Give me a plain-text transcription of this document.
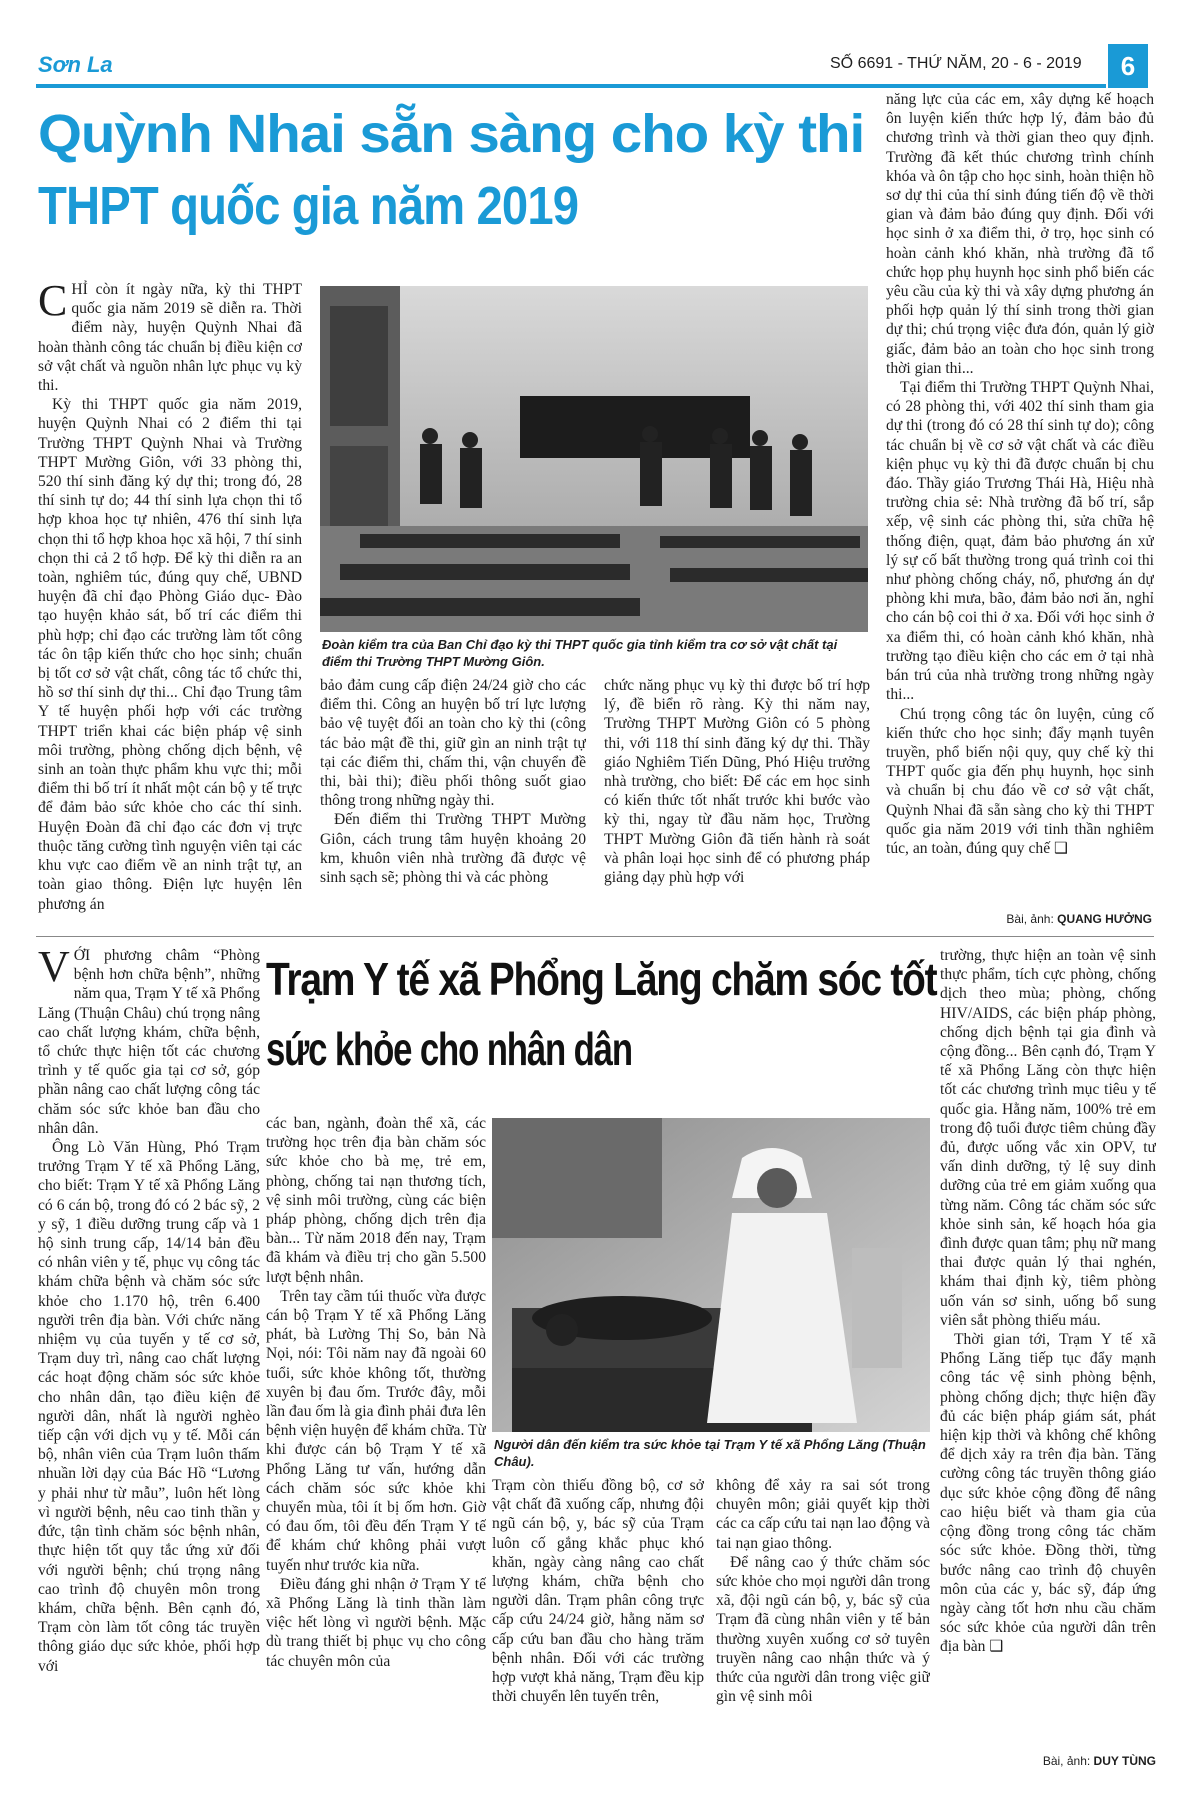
Sơn La	SỐ 6691 - THỨ NĂM, 20 - 6 - 2019	6
Quỳnh Nhai sẵn sàng cho kỳ thi
THPT quốc gia năm 2019

CHỈ còn ít ngày nữa, kỳ thi THPT quốc gia năm 2019 sẽ diễn ra. Thời điểm này, huyện Quỳnh Nhai đã hoàn thành công tác chuẩn bị điều kiện cơ sở vật chất và nguồn nhân lực phục vụ kỳ thi.

Kỳ thi THPT quốc gia năm 2019, huyện Quỳnh Nhai có 2 điểm thi tại Trường THPT Quỳnh Nhai và Trường THPT Mường Giôn, với 33 phòng thi, 520 thí sinh đăng ký dự thi; trong đó, 28 thí sinh tự do; 44 thí sinh lựa chọn thi tổ hợp khoa học tự nhiên, 476 thí sinh lựa chọn thi tổ hợp khoa học xã hội, 7 thí sinh chọn thi cả 2 tổ hợp. Để kỳ thi diễn ra an toàn, nghiêm túc, đúng quy chế, UBND huyện đã chỉ đạo Phòng Giáo dục- Đào tạo huyện khảo sát, bố trí các điểm thi phù hợp; chỉ đạo các trường làm tốt công tác ôn tập kiến thức cho học sinh; chuẩn bị tốt cơ sở vật chất, công tác tổ chức thi, hồ sơ thí sinh dự thi... Chỉ đạo Trung tâm Y tế huyện phối hợp với các trường THPT triển khai các biện pháp vệ sinh môi trường, phòng chống dịch bệnh, vệ sinh an toàn thực phẩm khu vực thi; mỗi điểm thi bố trí ít nhất một cán bộ y tế trực để đảm bảo sức khỏe cho các thí sinh. Huyện Đoàn đã chỉ đạo các đơn vị trực thuộc tăng cường tình nguyện viên tại các khu vực cao điểm về an ninh trật tự, an toàn giao thông. Điện lực huyện lên phương án

Đoàn kiểm tra của Ban Chỉ đạo kỳ thi THPT quốc gia tỉnh kiểm tra cơ sở vật chất tại điểm thi Trường THPT Mường Giôn.

bảo đảm cung cấp điện 24/24 giờ cho các điểm thi. Công an huyện bố trí lực lượng bảo vệ tuyệt đối an toàn cho kỳ thi (công tác bảo mật đề thi, giữ gìn an ninh trật tự tại các điểm thi, chấm thi, vận chuyển đề thi, bài thi); điều phối thông suốt giao thông trong những ngày thi.

Đến điểm thi Trường THPT Mường Giôn, cách trung tâm huyện khoảng 20 km, khuôn viên nhà trường đã được vệ sinh sạch sẽ; phòng thi và các phòng

chức năng phục vụ kỳ thi được bố trí hợp lý, đề biển rõ ràng. Kỳ thi năm nay, Trường THPT Mường Giôn có 5 phòng thi, với 118 thí sinh đăng ký dự thi. Thầy giáo Nghiêm Tiến Dũng, Phó Hiệu trưởng nhà trường, cho biết: Để các em học sinh có kiến thức tốt nhất trước khi bước vào kỳ thi, ngay từ đầu năm học, Trường THPT Mường Giôn đã tiến hành rà soát và phân loại học sinh để có phương pháp giảng dạy phù hợp với

năng lực của các em, xây dựng kế hoạch ôn luyện kiến thức hợp lý, đảm bảo đủ chương trình và thời gian theo quy định. Trường đã kết thúc chương trình chính khóa và ôn tập cho học sinh, hoàn thiện hồ sơ dự thi của thí sinh đúng tiến độ về thời gian và đảm bảo đúng quy định. Đối với học sinh ở xa điểm thi, ở trọ, học sinh có hoàn cảnh khó khăn, nhà trường đã tổ chức họp phụ huynh học sinh phổ biến các yêu cầu của kỳ thi và xây dựng phương án phối hợp quản lý thí sinh trong thời gian dự thi; chú trọng việc đưa đón, quản lý giờ giấc, đảm bảo an toàn cho học sinh trong thời gian thi...

Tại điểm thi Trường THPT Quỳnh Nhai, có 28 phòng thi, với 402 thí sinh tham gia dự thi (trong đó có 28 thí sinh tự do); công tác chuẩn bị về cơ sở vật chất và các điều kiện phục vụ kỳ thi đã được chuẩn bị chu đáo. Thầy giáo Trương Thái Hà, Hiệu nhà trường chia sẻ: Nhà trường đã bố trí, sắp xếp, vệ sinh các phòng thi, sửa chữa hệ thống điện, quạt, đảm bảo phương án xử lý sự cố bất thường trong quá trình coi thi như phòng chống cháy, nổ, phương án dự phòng khi mưa, bão, đảm bảo nơi ăn, nghỉ cho cán bộ coi thi ở xa. Đối với học sinh ở xa điểm thi, có hoàn cảnh khó khăn, nhà trường tạo điều kiện cho các em ở tại nhà bán trú của nhà trường trong những ngày thi...

Chú trọng công tác ôn luyện, củng cố kiến thức cho học sinh; đẩy mạnh tuyên truyền, phổ biến nội quy, quy chế kỳ thi THPT quốc gia đến phụ huynh, học sinh và chuẩn bị chu đáo về cơ sở vật chất, Quỳnh Nhai đã sẵn sàng cho kỳ thi THPT quốc gia năm 2019 với tinh thần nghiêm túc, an toàn, đúng quy chế ❑

Bài, ảnh: QUANG HƯỞNG

VỚI phương châm “Phòng bệnh hơn chữa bệnh”, những năm qua, Trạm Y tế xã Phổng Lăng (Thuận Châu) chú trọng nâng cao chất lượng khám, chữa bệnh, tổ chức thực hiện tốt các chương trình y tế quốc gia tại cơ sở, góp phần nâng cao chất lượng công tác chăm sóc sức khỏe ban đầu cho nhân dân.

Ông Lò Văn Hùng, Phó Trạm trưởng Trạm Y tế xã Phổng Lăng, cho biết: Trạm Y tế xã Phổng Lăng có 6 cán bộ, trong đó có 2 bác sỹ, 2 y sỹ, 1 điều dưỡng trung cấp và 1 hộ sinh trung cấp, 14/14 bản đều có nhân viên y tế, phục vụ công tác khám chữa bệnh và chăm sóc sức khỏe cho 1.170 hộ, trên 6.400 người trên địa bàn. Với chức năng nhiệm vụ của tuyến y tế cơ sở, Trạm duy trì, nâng cao chất lượng các hoạt động chăm sóc sức khỏe cho nhân dân, tạo điều kiện để người dân, nhất là người nghèo tiếp cận với dịch vụ y tế. Mỗi cán bộ, nhân viên của Trạm luôn thấm nhuần lời dạy của Bác Hồ “Lương y phải như từ mẫu”, luôn hết lòng vì người bệnh, nêu cao tinh thần y đức, tận tình chăm sóc bệnh nhân, thực hiện tốt quy tắc ứng xử đối với người bệnh; chú trọng nâng cao trình độ chuyên môn trong khám, chữa bệnh. Bên cạnh đó, Trạm còn làm tốt công tác truyền thông giáo dục sức khỏe, phối hợp với

Trạm Y tế xã Phổng Lăng chăm sóc tốt
sức khỏe cho nhân dân

các ban, ngành, đoàn thể xã, các trường học trên địa bàn chăm sóc sức khỏe cho bà mẹ, trẻ em, phòng, chống tai nạn thương tích, vệ sinh môi trường, cùng các biện pháp phòng, chống dịch trên địa bàn... Từ năm 2018 đến nay, Trạm đã khám và điều trị cho gần 5.500 lượt bệnh nhân.

Trên tay cầm túi thuốc vừa được cán bộ Trạm Y tế xã Phổng Lăng phát, bà Lường Thị So, bản Nà Nọi, nói: Tôi năm nay đã ngoài 60 tuổi, sức khỏe không tốt, thường xuyên bị đau ốm. Trước đây, mỗi lần đau ốm là gia đình phải đưa lên bệnh viện huyện để khám chữa. Từ khi được cán bộ Trạm Y tế xã Phổng Lăng tư vấn, hướng dẫn cách chăm sóc sức khỏe khi chuyển mùa, tôi ít bị ốm hơn. Giờ có đau ốm, tôi đều đến Trạm Y tế để khám chứ không phải vượt tuyến như trước kia nữa.

Điều đáng ghi nhận ở Trạm Y tế xã Phổng Lăng là tinh thần làm việc hết lòng vì người bệnh. Mặc dù trang thiết bị phục vụ cho công tác chuyên môn của

Người dân đến kiểm tra sức khỏe tại Trạm Y tế xã Phổng Lăng (Thuận Châu).

Trạm còn thiếu đồng bộ, cơ sở vật chất đã xuống cấp, nhưng đội ngũ cán bộ, y, bác sỹ của Trạm luôn cố gắng khắc phục khó khăn, ngày càng nâng cao chất lượng khám, chữa bệnh cho người dân. Trạm phân công trực cấp cứu 24/24 giờ, hằng năm sơ cấp cứu ban đầu cho hàng trăm bệnh nhân. Đối với các trường hợp vượt khả năng, Trạm đều kịp thời chuyển lên tuyến trên,

không để xảy ra sai sót trong chuyên môn; giải quyết kịp thời các ca cấp cứu tai nạn lao động và tai nạn giao thông.

Để nâng cao ý thức chăm sóc sức khỏe cho mọi người dân trong xã, đội ngũ cán bộ, y, bác sỹ của Trạm đã cùng nhân viên y tế bản thường xuyên xuống cơ sở tuyên truyền nâng cao nhận thức và ý thức của người dân trong việc giữ gìn vệ sinh môi

trường, thực hiện an toàn vệ sinh thực phẩm, tích cực phòng, chống dịch theo mùa; phòng, chống HIV/AIDS, các biện pháp phòng, chống dịch bệnh tại gia đình và cộng đồng... Bên cạnh đó, Trạm Y tế xã Phổng Lăng còn thực hiện tốt các chương trình mục tiêu y tế quốc gia. Hằng năm, 100% trẻ em trong độ tuổi được tiêm chủng đầy đủ, được uống vắc xin OPV, tư vấn dinh dưỡng, tỷ lệ suy dinh dưỡng của trẻ em giảm xuống qua từng năm. Công tác chăm sóc sức khỏe sinh sản, kế hoạch hóa gia đình được quan tâm; phụ nữ mang thai được quản lý thai nghén, khám thai định kỳ, tiêm phòng uốn ván sơ sinh, uống bổ sung viên sắt phòng thiếu máu.

Thời gian tới, Trạm Y tế xã Phổng Lăng tiếp tục đẩy mạnh công tác vệ sinh phòng bệnh, phòng chống dịch; thực hiện đầy đủ các biện pháp giám sát, phát hiện kịp thời và không chế không để dịch xảy ra trên địa bàn. Tăng cường công tác truyền thông giáo dục sức khỏe cộng đồng để nâng cao hiệu biết và tham gia của cộng đồng trong công tác chăm sóc sức khỏe. Đồng thời, từng bước nâng cao trình độ chuyên môn của các y, bác sỹ, đáp ứng ngày càng tốt hơn nhu cầu chăm sóc sức khỏe của người dân trên địa bàn ❑

Bài, ảnh: DUY TÙNG
